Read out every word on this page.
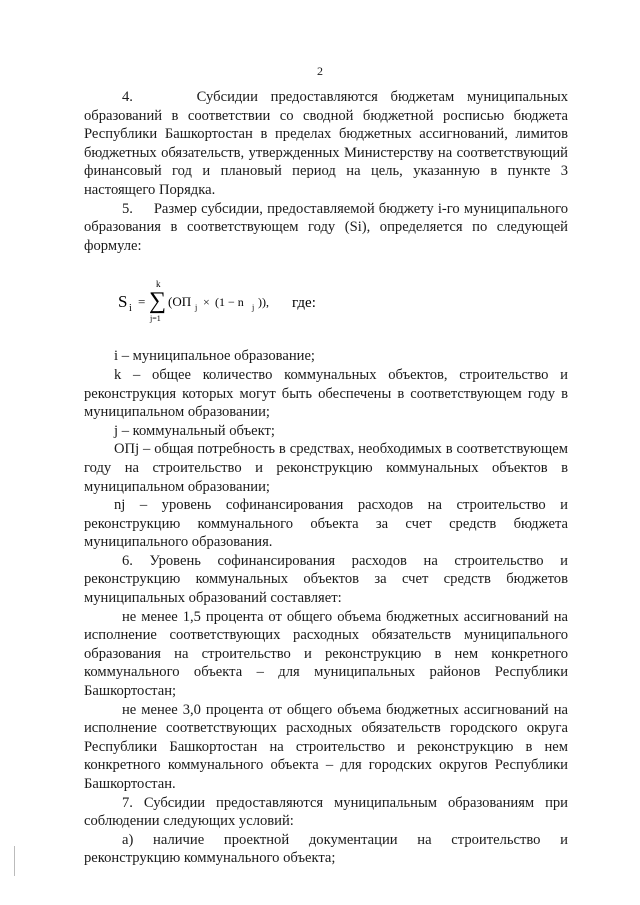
2

4.     Субсидии предоставляются бюджетам муниципальных образований в соответствии со сводной бюджетной росписью бюджета Республики Башкортостан в пределах бюджетных ассигнований, лимитов бюджетных обязательств, утвержденных Министерству на соответствующий финансовый год и плановый период на цель, указанную в пункте 3 настоящего Порядка.

5.     Размер субсидии, предоставляемой бюджету i-го муниципального образования в соответствующем году (Si), определяется по следующей формуле:

S i =
k
∑
j=1
(ОП j × (1 − n j )), где:

i – муниципальное образование;

k – общее количество коммунальных объектов, строительство и реконструкция которых могут быть обеспечены в соответствующем году в муниципальном образовании;

j – коммунальный объект;

ОПj – общая потребность в средствах, необходимых в соответствующем году на строительство и реконструкцию коммунальных объектов в муниципальном образовании;

nj – уровень софинансирования расходов на строительство и реконструкцию коммунального объекта за счет средств бюджета муниципального образования.

6. Уровень софинансирования расходов на строительство и реконструкцию коммунальных объектов за счет средств бюджетов муниципальных образований составляет:

не менее 1,5 процента от общего объема бюджетных ассигнований на исполнение соответствующих расходных обязательств муниципального образования на строительство и реконструкцию в нем конкретного коммунального объекта – для муниципальных районов Республики Башкортостан;

не менее 3,0 процента от общего объема бюджетных ассигнований на исполнение соответствующих расходных обязательств городского округа Республики Башкортостан на строительство и реконструкцию в нем конкретного коммунального объекта – для городских округов Республики Башкортостан.

7. Субсидии предоставляются муниципальным образованиям при соблюдении следующих условий:

а) наличие проектной документации на строительство и реконструкцию коммунального объекта;
